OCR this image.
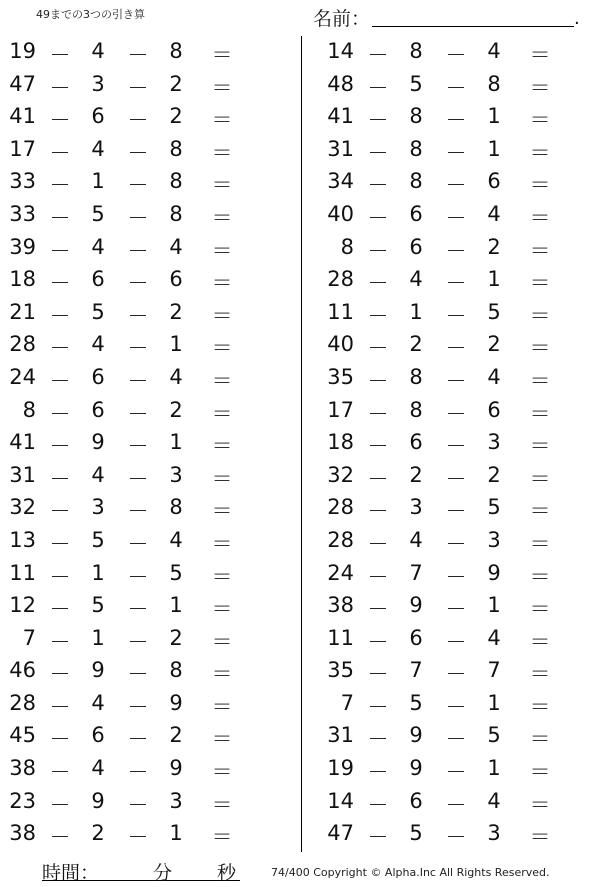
49までの3つの引き算	名前：	.
19 － 4 － 8 ＝
47 － 3 － 2 ＝
41 － 6 － 2 ＝
17 － 4 － 8 ＝
33 － 1 － 8 ＝
33 － 5 － 8 ＝
39 － 4 － 4 ＝
18 － 6 － 6 ＝
21 － 5 － 2 ＝
28 － 4 － 1 ＝
24 － 6 － 4 ＝
8 － 6 － 2 ＝
41 － 9 － 1 ＝
31 － 4 － 3 ＝
32 － 3 － 8 ＝
13 － 5 － 4 ＝
11 － 1 － 5 ＝
12 － 5 － 1 ＝
7 － 1 － 2 ＝
46 － 9 － 8 ＝
28 － 4 － 9 ＝
45 － 6 － 2 ＝
38 － 4 － 9 ＝
23 － 9 － 3 ＝
38 － 2 － 1 ＝
14 － 8 － 4 ＝
48 － 5 － 8 ＝
41 － 8 － 1 ＝
31 － 8 － 1 ＝
34 － 8 － 6 ＝
40 － 6 － 4 ＝
8 － 6 － 2 ＝
28 － 4 － 1 ＝
11 － 1 － 5 ＝
40 － 2 － 2 ＝
35 － 8 － 4 ＝
17 － 8 － 6 ＝
18 － 6 － 3 ＝
32 － 2 － 2 ＝
28 － 3 － 5 ＝
28 － 4 － 3 ＝
24 － 7 － 9 ＝
38 － 9 － 1 ＝
11 － 6 － 4 ＝
35 － 7 － 7 ＝
7 － 5 － 1 ＝
31 － 9 － 5 ＝
19 － 9 － 1 ＝
14 － 6 － 4 ＝
47 － 5 － 3 ＝
時間：	分 秒	74/400 Copyright © Alpha.Inc All Rights Reserved.
